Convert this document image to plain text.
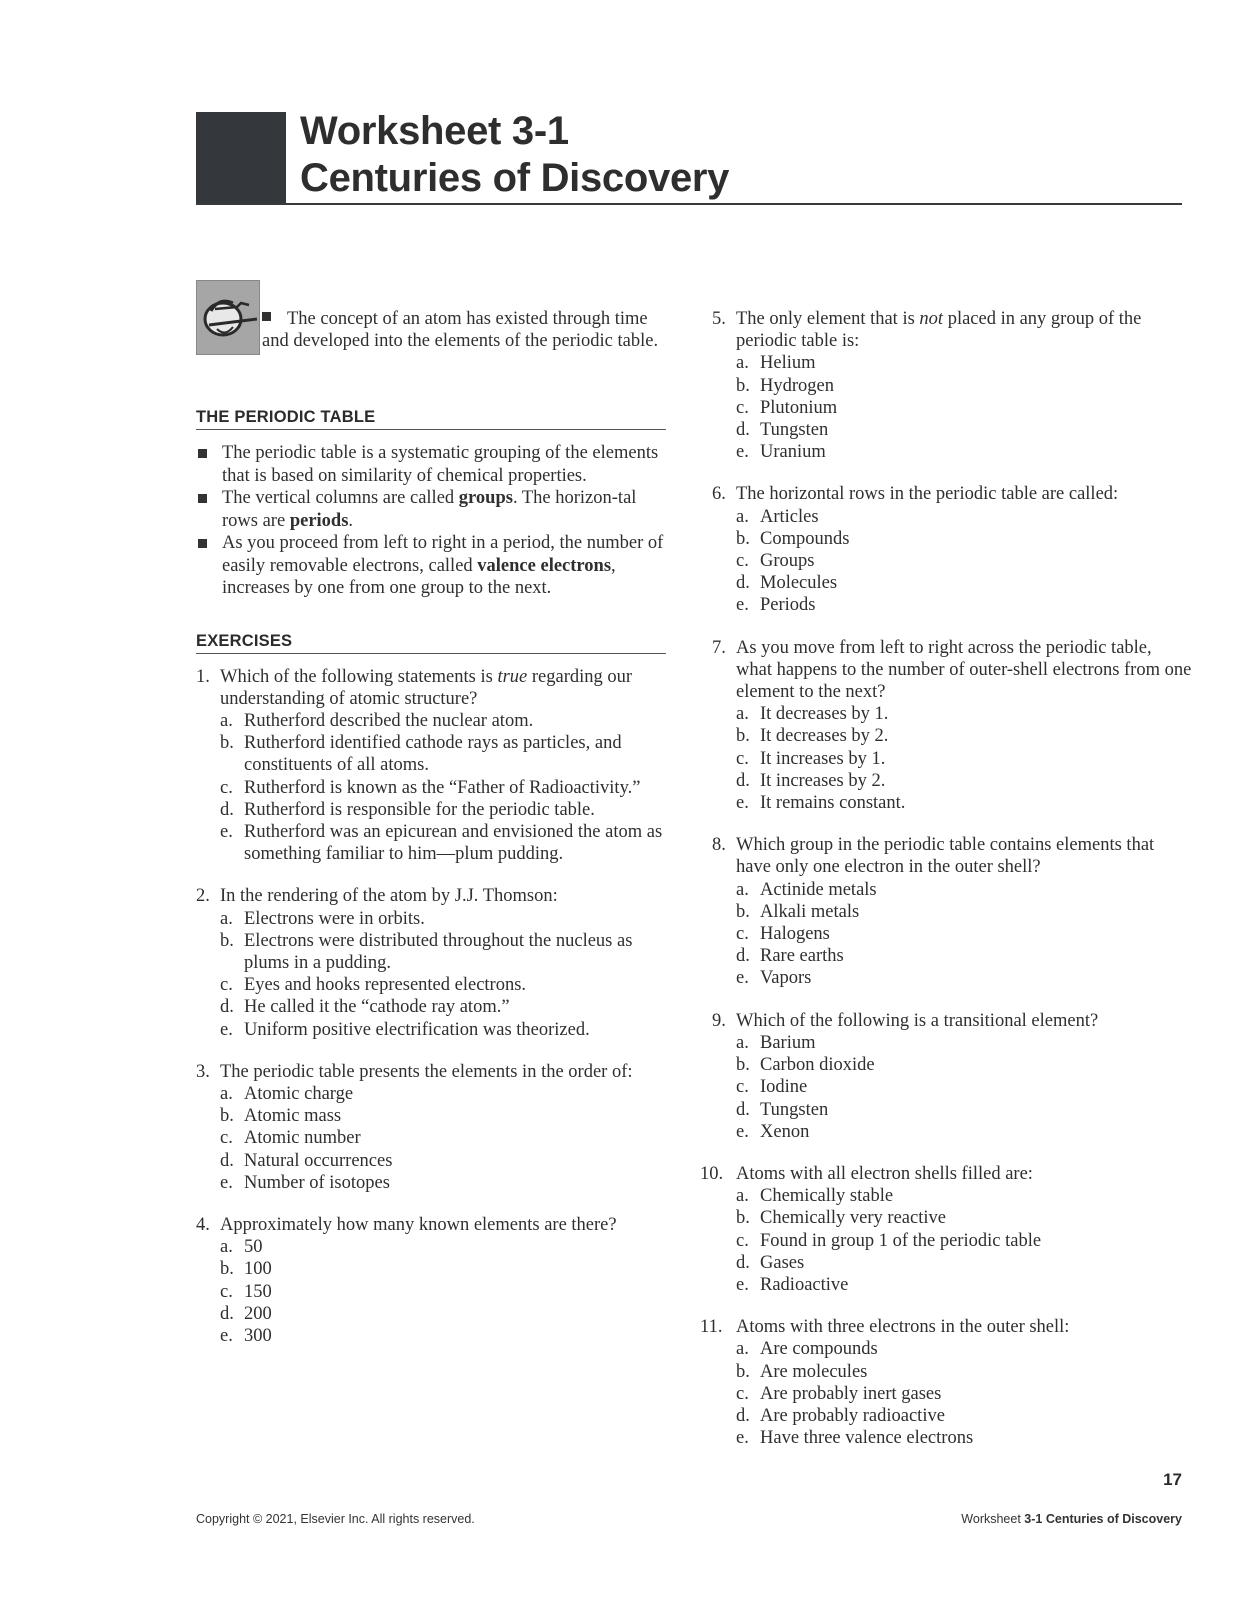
Worksheet 3-1
Centuries of Discovery
The concept of an atom has existed through time and developed into the elements of the periodic table.
THE PERIODIC TABLE
The periodic table is a systematic grouping of the elements that is based on similarity of chemical properties.
The vertical columns are called groups. The horizon-tal rows are periods.
As you proceed from left to right in a period, the number of easily removable electrons, called valence electrons, increases by one from one group to the next.
EXERCISES
1. Which of the following statements is true regarding our understanding of atomic structure?
a. Rutherford described the nuclear atom.
b. Rutherford identified cathode rays as particles, and constituents of all atoms.
c. Rutherford is known as the “Father of Radioactivity.”
d. Rutherford is responsible for the periodic table.
e. Rutherford was an epicurean and envisioned the atom as something familiar to him—plum pudding.
2. In the rendering of the atom by J.J. Thomson:
a. Electrons were in orbits.
b. Electrons were distributed throughout the nucleus as plums in a pudding.
c. Eyes and hooks represented electrons.
d. He called it the “cathode ray atom.”
e. Uniform positive electrification was theorized.
3. The periodic table presents the elements in the order of:
a. Atomic charge
b. Atomic mass
c. Atomic number
d. Natural occurrences
e. Number of isotopes
4. Approximately how many known elements are there?
a. 50
b. 100
c. 150
d. 200
e. 300
5. The only element that is not placed in any group of the periodic table is:
a. Helium
b. Hydrogen
c. Plutonium
d. Tungsten
e. Uranium
6. The horizontal rows in the periodic table are called:
a. Articles
b. Compounds
c. Groups
d. Molecules
e. Periods
7. As you move from left to right across the periodic table, what happens to the number of outer-shell electrons from one element to the next?
a. It decreases by 1.
b. It decreases by 2.
c. It increases by 1.
d. It increases by 2.
e. It remains constant.
8. Which group in the periodic table contains elements that have only one electron in the outer shell?
a. Actinide metals
b. Alkali metals
c. Halogens
d. Rare earths
e. Vapors
9. Which of the following is a transitional element?
a. Barium
b. Carbon dioxide
c. Iodine
d. Tungsten
e. Xenon
10. Atoms with all electron shells filled are:
a. Chemically stable
b. Chemically very reactive
c. Found in group 1 of the periodic table
d. Gases
e. Radioactive
11. Atoms with three electrons in the outer shell:
a. Are compounds
b. Are molecules
c. Are probably inert gases
d. Are probably radioactive
e. Have three valence electrons
17
Copyright © 2021, Elsevier Inc. All rights reserved.	Worksheet 3-1 Centuries of Discovery
